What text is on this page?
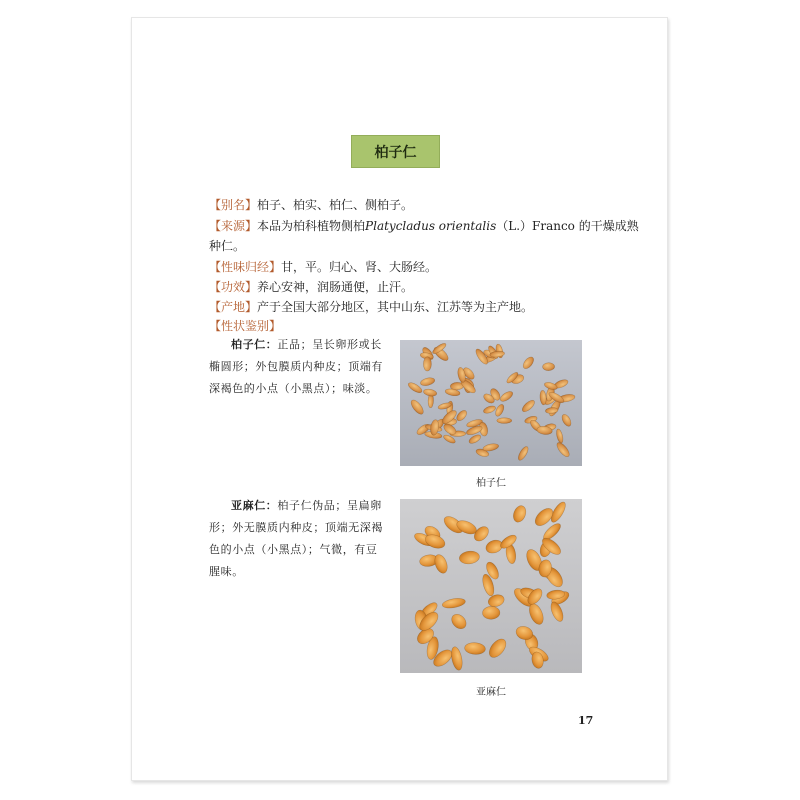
柏子仁
【别名】柏子、柏实、柏仁、侧柏子。
【来源】本品为柏科植物侧柏Platycladus orientalis（L.）Franco 的干燥成熟
种仁。
【性味归经】甘，平。归心、肾、大肠经。
【功效】养心安神，润肠通便，止汗。
【产地】产于全国大部分地区，其中山东、江苏等为主产地。
【性状鉴别】
柏子仁：正品；呈长卵形或长
椭圆形；外包膜质内种皮；顶端有
深褐色的小点（小黑点）；味淡。
柏子仁
亚麻仁：柏子仁伪品；呈扁卵
形；外无膜质内种皮；顶端无深褐
色的小点（小黑点）；气微，有豆
腥味。
亚麻仁
17
